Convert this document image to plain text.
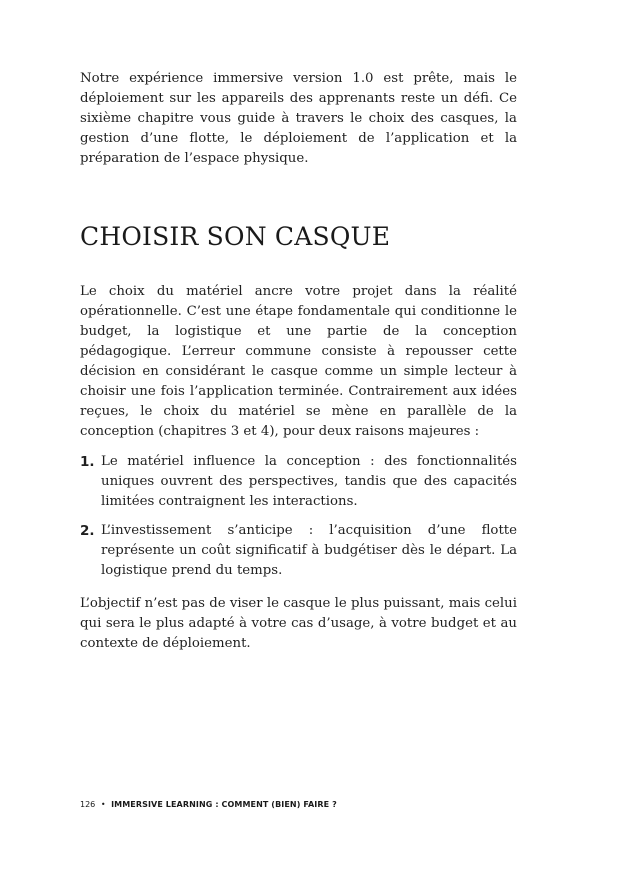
Notre expérience immersive version 1.0 est prête, mais le déploiement sur les appareils des apprenants reste un défi. Ce sixième chapitre vous guide à travers le choix des casques, la gestion d’une flotte, le déploiement de l’application et la préparation de l’espace physique.

CHOISIR SON CASQUE

Le choix du matériel ancre votre projet dans la réalité opérationnelle. C’est une étape fondamentale qui conditionne le budget, la logistique et une partie de la conception pédagogique. L’erreur commune consiste à repousser cette décision en considérant le casque comme un simple lecteur à choisir une fois l’application terminée. Contrairement aux idées reçues, le choix du matériel se mène en parallèle de la conception (chapitres 3 et 4), pour deux raisons majeures :

1. Le matériel influence la conception : des fonctionnalités uniques ouvrent des perspectives, tandis que des capacités limitées contraignent les interactions.

2. L’investissement s’anticipe : l’acquisition d’une flotte représente un coût significatif à budgétiser dès le départ. La logistique prend du temps.

L’objectif n’est pas de viser le casque le plus puissant, mais celui qui sera le plus adapté à votre cas d’usage, à votre budget et au contexte de déploiement.

126 • IMMERSIVE LEARNING : COMMENT (BIEN) FAIRE ?
